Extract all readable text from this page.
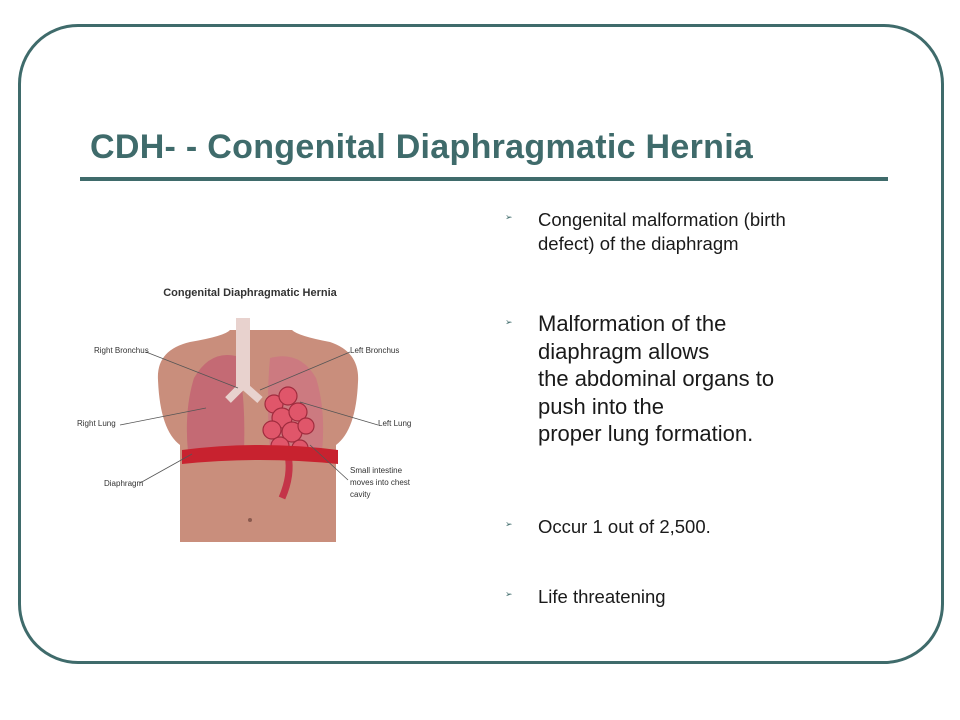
CDH- - Congenital Diaphragmatic Hernia
Congenital Diaphragmatic Hernia
Right Bronchus	Left Bronchus
Right Lung	Left Lung
Diaphragm
Small intestine
moves into chest
cavity
➢ Congenital malformation (birth
defect) of the diaphragm
➢ Malformation of the
diaphragm allows
the abdominal organs to
push into the
proper lung formation.
➢ Occur 1 out of 2,500.
➢ Life threatening
